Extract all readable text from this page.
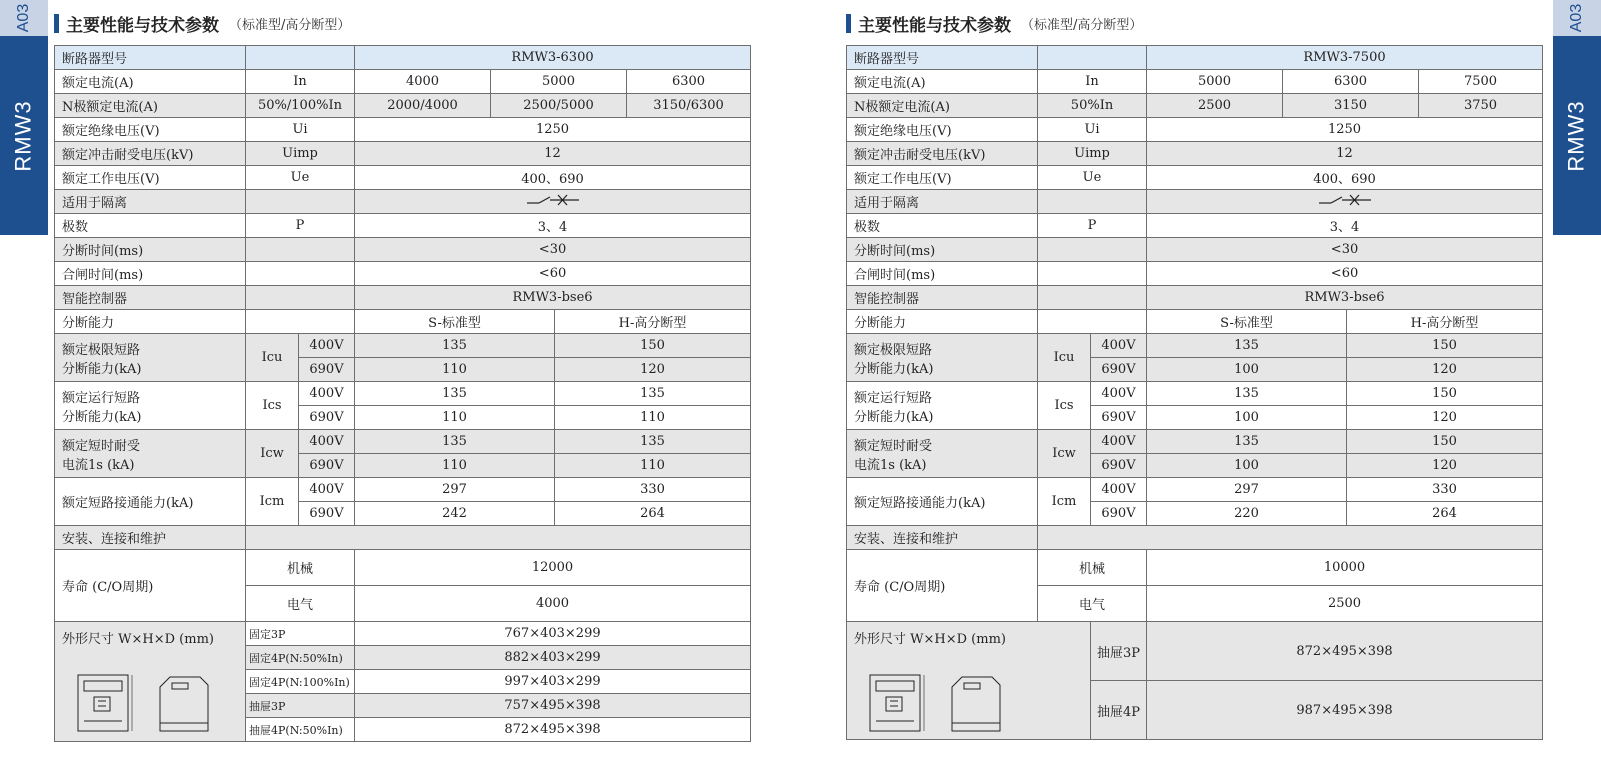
A03
RMW3
A03
RMW3
主要性能与技术参数 （标准型/高分断型）
断路器型号			RMW3-6300			
额定电流(A)	In		4000	5000		6300
N极额定电流(A)	50%/100%In		2000/4000	2500/5000		3150/6300
额定绝缘电压(V)	Ui		1250			
额定冲击耐受电压(kV)	Uimp		12			
额定工作电压(V)	Ue		400、690			
适用于隔离		
极数	P		3、4			
分断时间(ms)			<30			
合闸时间(ms)			<60			
智能控制器			RMW3-bse6			
分断能力			S-标准型		H-高分断型	

额定极限短路
分断能力(kA)	Icu	400V	135		150	
		690V	110		120	

额定运行短路
分断能力(kA)	Ics	400V	135		135	
		690V	110		110	

额定短时耐受
电流1s (kA)	Icw	400V	135		135	
		690V	110		110	
额定短路接通能力(kA)	Icm	400V	297		330	
		690V	242		264	
安装、连接和维护						
寿命 (C/O周期)	机械		12000			
	电气		4000			

外形尺寸 W×H×D (mm)	固定3P		767×403×299			
	固定4P(N:50%In)		882×403×299			
	固定4P(N:100%In)		997×403×299			
	抽屉3P		757×495×398			
	抽屉4P(N:50%In)		872×495×398			
主要性能与技术参数 （标准型/高分断型）
断路器型号			RMW3-7500			
额定电流(A)	In		5000	6300		7500
N极额定电流(A)	50%In		2500	3150		3750
额定绝缘电压(V)	Ui		1250			
额定冲击耐受电压(kV)	Uimp		12			
额定工作电压(V)	Ue		400、690			
适用于隔离		
极数	P		3、4			
分断时间(ms)			<30			
合闸时间(ms)			<60			
智能控制器			RMW3-bse6			
分断能力			S-标准型		H-高分断型	

额定极限短路
分断能力(kA)	Icu	400V	135		150	
		690V	100		120	

额定运行短路
分断能力(kA)	Ics	400V	135		150	
		690V	100		120	

额定短时耐受
电流1s (kA)	Icw	400V	135		150	
		690V	100		120	
额定短路接通能力(kA)	Icm	400V	297		330	
		690V	220		264	
安装、连接和维护						
寿命 (C/O周期)	机械		10000			
	电气		2500			

外形尺寸 W×H×D (mm)		抽屉3P	872×495×398			
		抽屉4P	987×495×398			
